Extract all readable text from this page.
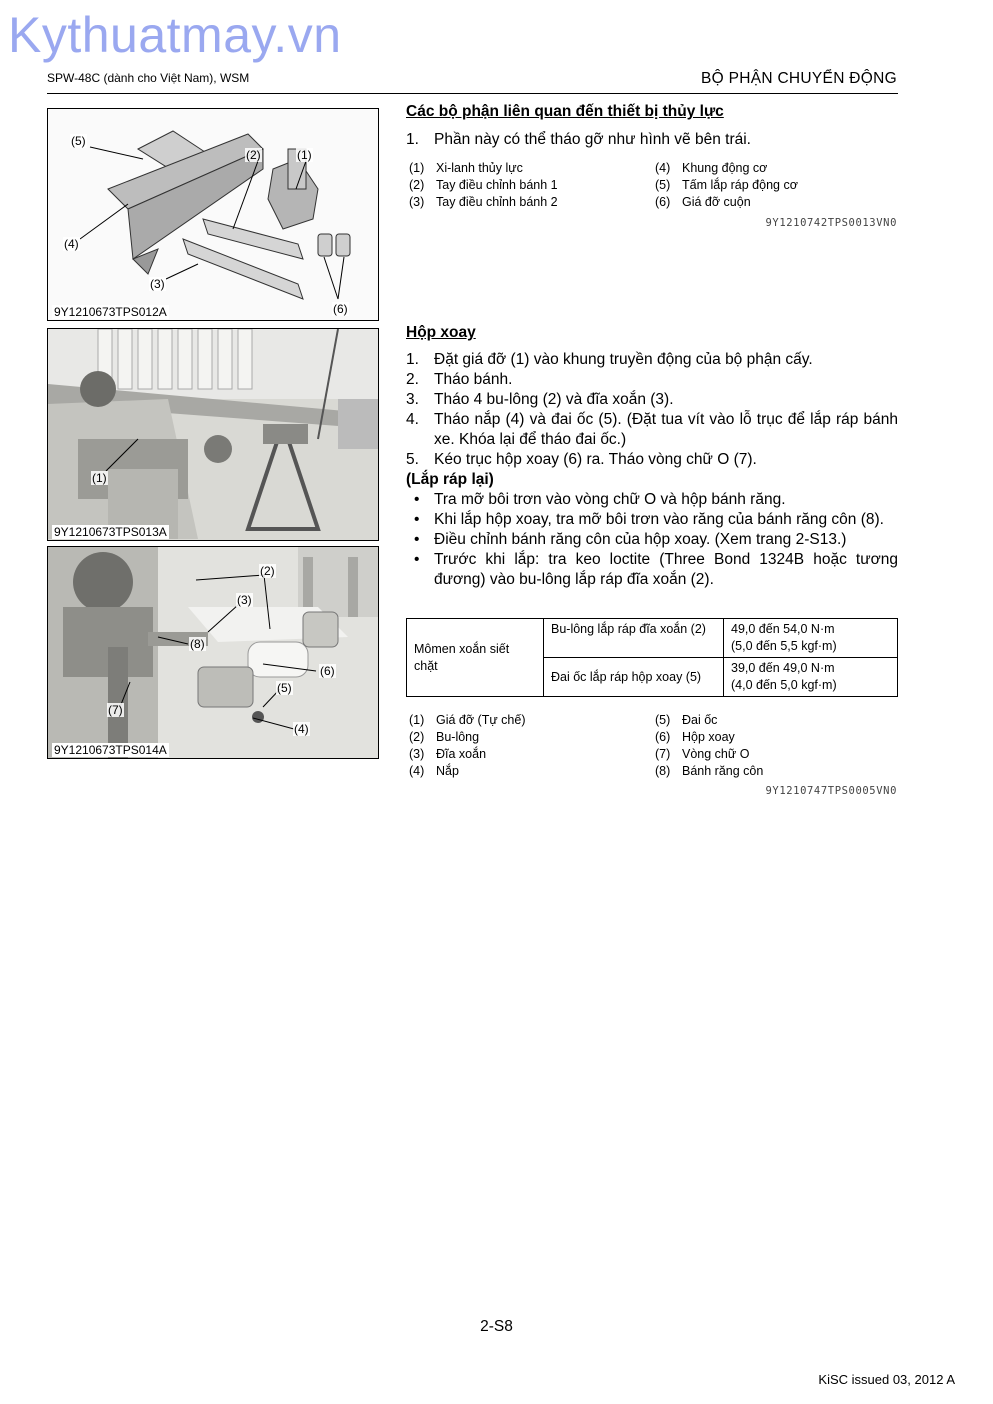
Kythuatmay.vn
SPW-48C (dành cho Việt Nam), WSM	BỘ PHẬN CHUYỂN ĐỘNG
(5)
(2)	(1)
(4)
(3)
(6)
9Y1210673TPS012A
(1)
9Y1210673TPS013A
(2)
(3)
(8)
(6)
(7)
(5)
(4)
9Y1210673TPS014A
Các bộ phận liên quan đến thiết bị thủy lực
1. Phần này có thể tháo gỡ như hình vẽ bên trái.
(1) Xi-lanh thủy lực	(4) Khung động cơ
(2) Tay điều chỉnh bánh 1	(5) Tấm lắp ráp động cơ
(3) Tay điều chỉnh bánh 2	(6) Giá đỡ cuộn
9Y1210742TPS0013VN0
Hộp xoay
1. Đặt giá đỡ (1) vào khung truyền động của bộ phận cấy.
2. Tháo bánh.
3. Tháo 4 bu-lông (2) và đĩa xoắn (3).
4. Tháo nắp (4) và đai ốc (5). (Đặt tua vít vào lỗ trục để lắp ráp bánh xe. Khóa lại để tháo đai ốc.)
5. Kéo trục hộp xoay (6) ra. Tháo vòng chữ O (7).
(Lắp ráp lại)
• Tra mỡ bôi trơn vào vòng chữ O và hộp bánh răng.
• Khi lắp hộp xoay, tra mỡ bôi trơn vào răng của bánh răng côn (8).
• Điều chỉnh bánh răng côn của hộp xoay. (Xem trang 2-S13.)
• Trước khi lắp: tra keo loctite (Three Bond 1324B hoặc tương đương) vào bu-lông lắp ráp đĩa xoắn (2).
Mômen xoắn siết chặt	Bu-lông lắp ráp đĩa xoắn (2)	49,0 đến 54,0 N·m
(5,0 đến 5,5 kgf·m)

	Đai ốc lắp ráp hộp xoay (5)	39,0 đến 49,0 N·m
(4,0 đến 5,0 kgf·m)
(1) Giá đỡ (Tự chế)	(5) Đai ốc
(2) Bu-lông	(6) Hộp xoay
(3) Đĩa xoắn	(7) Vòng chữ O
(4) Nắp	(8) Bánh răng côn
9Y1210747TPS0005VN0
2-S8
KiSC issued 03, 2012 A
